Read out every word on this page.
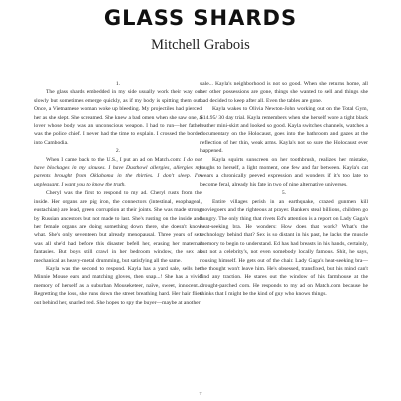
GLASS SHARDS
Mitchell Grabois

1.

The glass shards embedded in my side usually work their way out slowly but sometimes emerge quickly, as if my body is spitting them out. Once, a Vietnamese woman woke up bleeding. My projectiles had pierced her as she slept. She screamed. She knew a bad omen when she saw one, a lover whose body was an unconscious weapon. I had to run—her father was the police chief. I never had the time to explain. I crossed the border into Cambodia.

2.

When I came back to the U.S., I put an ad on Match.com: I do not have blockages in my sinuses. I have Dusthowl allergies, allergies my parents brought from Oklahoma in the thirties. I don't sleep. I'm unpleasant. I want you to know the truth.

Cheryl was the first to respond to my ad. Cheryl rusts from the inside. Her organs are pig iron, the connectors (intestinal, esophageal, eustachian) are lead, green corruption at their joints. She was made strong by Russian ancestors but not made to last. She's rusting on the inside and her female organs are doing something down there, she doesn't know what. She's only seventeen but already menopausal. Three years of sex was all she'd had before this disaster befell her, erasing her maternal fantasies. But boys still crawl in her bedroom window, the sex as mechanical as heavy-metal drumming, but satisfying all the same.

Kayla was the second to respond. Kayla has a yard sale, sells her Minnie Mouse ears and matching gloves, then snap...! She has a vivid memory of herself as a suburban Mouseketeer, naïve, sweet, innocent... Regretting the loss, she runs down the street breathing hard. Her hair flies out behind her, snarled red. She hopes to spy the buyer—maybe at another

sale... Kayla's neighborhood is not so good. When she returns home, all her other possessions are gone, things she wanted to sell and things she had decided to keep after all. Even the tables are gone.

Kayla wakes to Olivia Newton-John working out on the Total Gym, $14.95/ 30 day trial. Kayla remembers when she herself wore a tight black leather mini-skirt and looked so good. Kayla switches channels, watches a documentary on the Holocaust, goes into the bathroom and gazes at the reflection of her thin, weak arms. Kayla's not so sure the Holocaust ever happened.

Kayla squirts sunscreen on her toothbrush, realizes her mistake, laughs to herself, a light moment, one few and far between. Kayla's cat wears a chronically peeved expression and wonders if it's too late to become feral, already his fate in two of nine alternative universes.

5.

Entire villages perish in an earthquake, crazed gunmen kill moviegoers and the righteous at prayer. Bankers steal billions, children go hungry. The only thing that rivets Ed's attention is a report on Lady Gaga's heat-seeking bra. He wonders: How does that work? What's the technology behind that? Sex is so distant in his past, he lacks the muscle memory to begin to understand. Ed has had breasts in his hands, certainly, but not a celebrity's, not even somebody locally famous. Shit, he says, rousing himself. He gets out of the chair. Lady Gaga's heat-seeking bra—the thought won't leave him. He's obsessed, transfixed, but his mind can't find any traction. He stares out the window of his farmhouse at the drought-parched corn. He responds to my ad on Match.com because he thinks that I might be the kind of guy who knows things.

7
